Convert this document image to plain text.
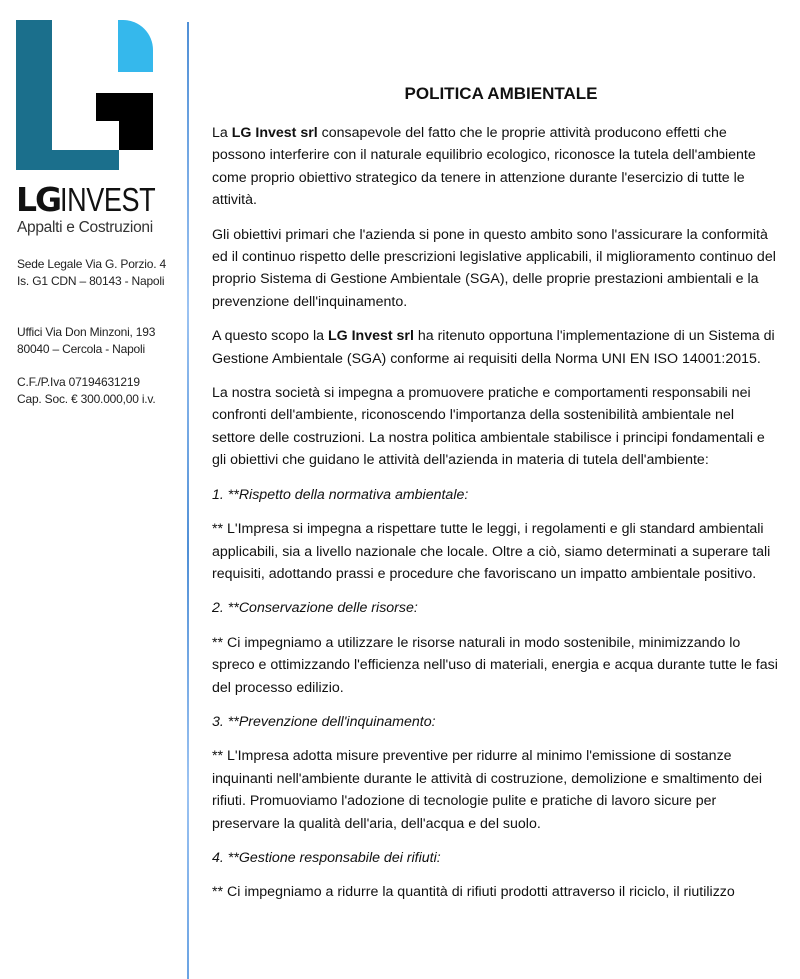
LGINVEST
Appalti e Costruzioni
Sede Legale Via G. Porzio. 4
Is. G1 CDN – 80143 - Napoli
Uffici Via Don Minzoni, 193
80040 – Cercola - Napoli
C.F./P.Iva 07194631219
Cap. Soc. € 300.000,00 i.v.
POLITICA AMBIENTALE

La LG Invest srl consapevole del fatto che le proprie attività producono effetti che possono interferire con il naturale equilibrio ecologico, riconosce la tutela dell'ambiente come proprio obiettivo strategico da tenere in attenzione durante l'esercizio di tutte le attività.

Gli obiettivi primari che l'azienda si pone in questo ambito sono l'assicurare la conformità ed il continuo rispetto delle prescrizioni legislative applicabili, il miglioramento continuo del proprio Sistema di Gestione Ambientale (SGA), delle proprie prestazioni ambientali e la prevenzione dell'inquinamento.

A questo scopo la LG Invest srl ha ritenuto opportuna l'implementazione di un Sistema di Gestione Ambientale (SGA) conforme ai requisiti della Norma UNI EN ISO 14001:2015.

La nostra società si impegna a promuovere pratiche e comportamenti responsabili nei confronti dell'ambiente, riconoscendo l'importanza della sostenibilità ambientale nel settore delle costruzioni. La nostra politica ambientale stabilisce i principi fondamentali e gli obiettivi che guidano le attività dell'azienda in materia di tutela dell'ambiente:

1. **Rispetto della normativa ambientale:

** L'Impresa si impegna a rispettare tutte le leggi, i regolamenti e gli standard ambientali applicabili, sia a livello nazionale che locale. Oltre a ciò, siamo determinati a superare tali requisiti, adottando prassi e procedure che favoriscano un impatto ambientale positivo.

2. **Conservazione delle risorse:

** Ci impegniamo a utilizzare le risorse naturali in modo sostenibile, minimizzando lo spreco e ottimizzando l'efficienza nell'uso di materiali, energia e acqua durante tutte le fasi del processo edilizio.

3. **Prevenzione dell'inquinamento:

** L'Impresa adotta misure preventive per ridurre al minimo l'emissione di sostanze inquinanti nell'ambiente durante le attività di costruzione, demolizione e smaltimento dei rifiuti. Promuoviamo l'adozione di tecnologie pulite e pratiche di lavoro sicure per preservare la qualità dell'aria, dell'acqua e del suolo.

4. **Gestione responsabile dei rifiuti:

** Ci impegniamo a ridurre la quantità di rifiuti prodotti attraverso il riciclo, il riutilizzo
